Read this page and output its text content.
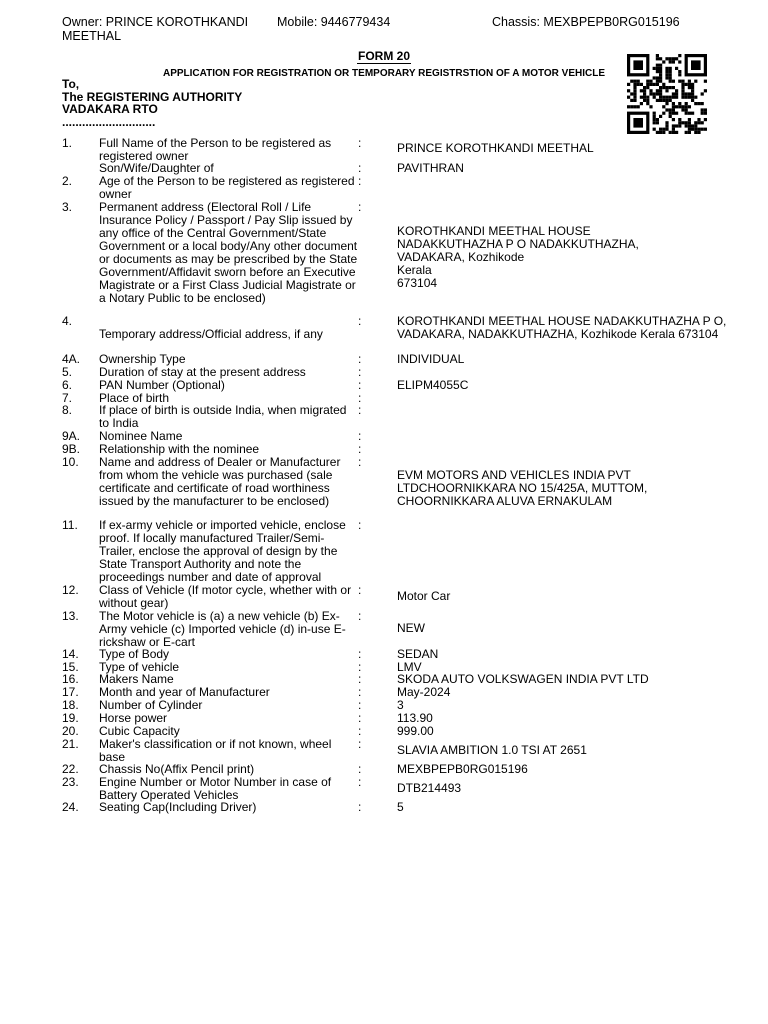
Owner: PRINCE KOROTHKANDI
MEETHAL
Mobile: 9446779434	Chassis: MEXBPEPB0RG015196
FORM 20
APPLICATION FOR REGISTRATION OR TEMPORARY REGISTRSTION OF A MOTOR VEHICLE
To,
The REGISTERING AUTHORITY
VADAKARA RTO
............................
1. Full Name of the Person to be registered as registered owner
:	PRINCE KOROTHKANDI MEETHAL
Son/Wife/Daughter of	:	PAVITHRAN
2. Age of the Person to be registered as registered owner
:
3. Permanent address (Electoral Roll / Life Insurance Policy / Passport / Pay Slip issued by any office of the Central Government/State Government or a local body/Any other document or documents as may be prescribed by the State Government/Affidavit sworn before an Executive Magistrate or a First Class Judicial Magistrate or a Notary Public to be enclosed)
:
KOROTHKANDI MEETHAL HOUSE
NADAKKUTHAZHA P O NADAKKUTHAZHA,
VADAKARA, Kozhikode
Kerala
673104
4.
Temporary address/Official address, if any
:	KOROTHKANDI MEETHAL HOUSE NADAKKUTHAZHA P O, VADAKARA, NADAKKUTHAZHA, Kozhikode Kerala 673104
4A. Ownership Type	:	INDIVIDUAL
5. Duration of stay at the present address	:
6. PAN Number (Optional)	:	ELIPM4055C
7. Place of birth	:
8. If place of birth is outside India, when migrated to India
:
9A. Nominee Name	:
9B. Relationship with the nominee	:
10. Name and address of Dealer or Manufacturer from whom the vehicle was purchased (sale certificate and certificate of road worthiness issued by the manufacturer to be enclosed)
:
EVM MOTORS AND VEHICLES INDIA PVT LTDCHOORNIKKARA NO 15/425A, MUTTOM, CHOORNIKKARA ALUVA ERNAKULAM
11. If ex-army vehicle or imported vehicle, enclose proof. If locally manufactured Trailer/Semi-Trailer, enclose the approval of design by the State Transport Authority and note the proceedings number and date of approval
:
12. Class of Vehicle (If motor cycle, whether with or without gear)
:	Motor Car
13. The Motor vehicle is (a) a new vehicle (b) Ex-Army vehicle (c) Imported vehicle (d) in-use E-rickshaw or E-cart
:
NEW
14. Type of Body	:	SEDAN
15. Type of vehicle	:	LMV
16. Makers Name	:	SKODA AUTO VOLKSWAGEN INDIA PVT LTD
17. Month and year of Manufacturer	:	May-2024
18. Number of Cylinder	:	3
19. Horse power	:	113.90
20. Cubic Capacity	:	999.00
21. Maker's classification or if not known, wheel base
:	SLAVIA AMBITION 1.0 TSI AT 2651
22. Chassis No(Affix Pencil print)	:	MEXBPEPB0RG015196
23. Engine Number or Motor Number in case of Battery Operated Vehicles
:	DTB214493
24. Seating Cap(Including Driver)	:	5
